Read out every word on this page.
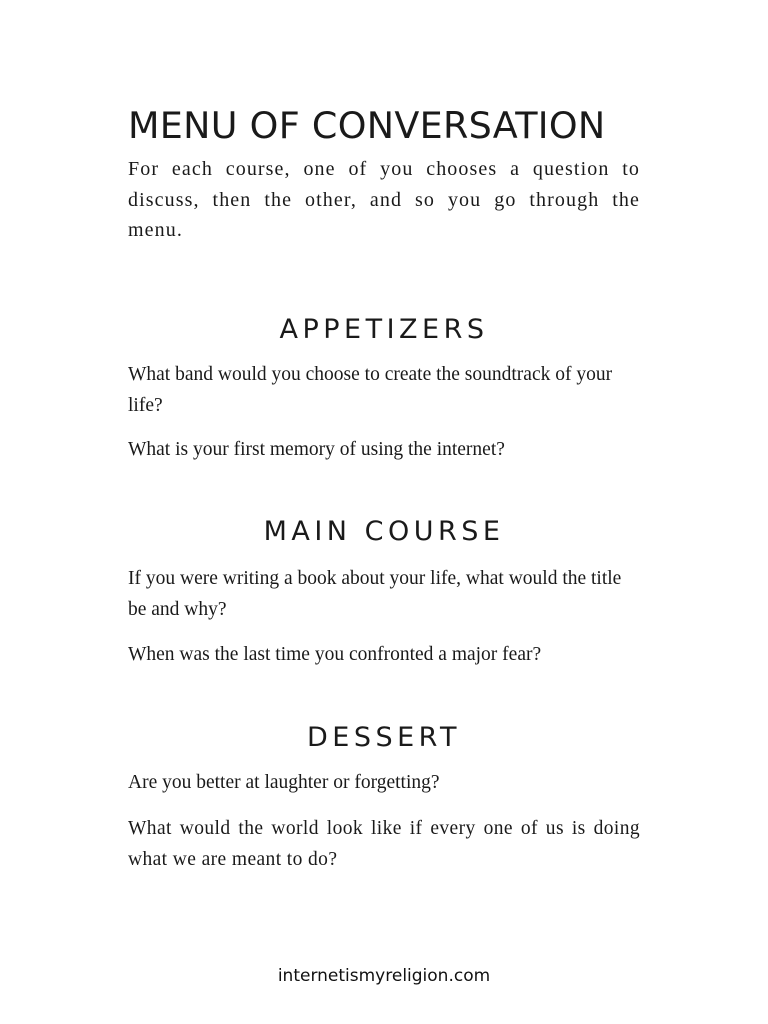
MENU OF CONVERSATION

For each course, one of you chooses a question to discuss, then the other, and so you go through the menu.

APPETIZERS

What band would you choose to create the soundtrack of your life?

What is your first memory of using the internet?

MAIN COURSE

If you were writing a book about your life, what would the title be and why?

When was the last time you confronted a major fear?

DESSERT

Are you better at laughter or forgetting?

What would the world look like if every one of us is doing what we are meant to do?

internetismyreligion.com
